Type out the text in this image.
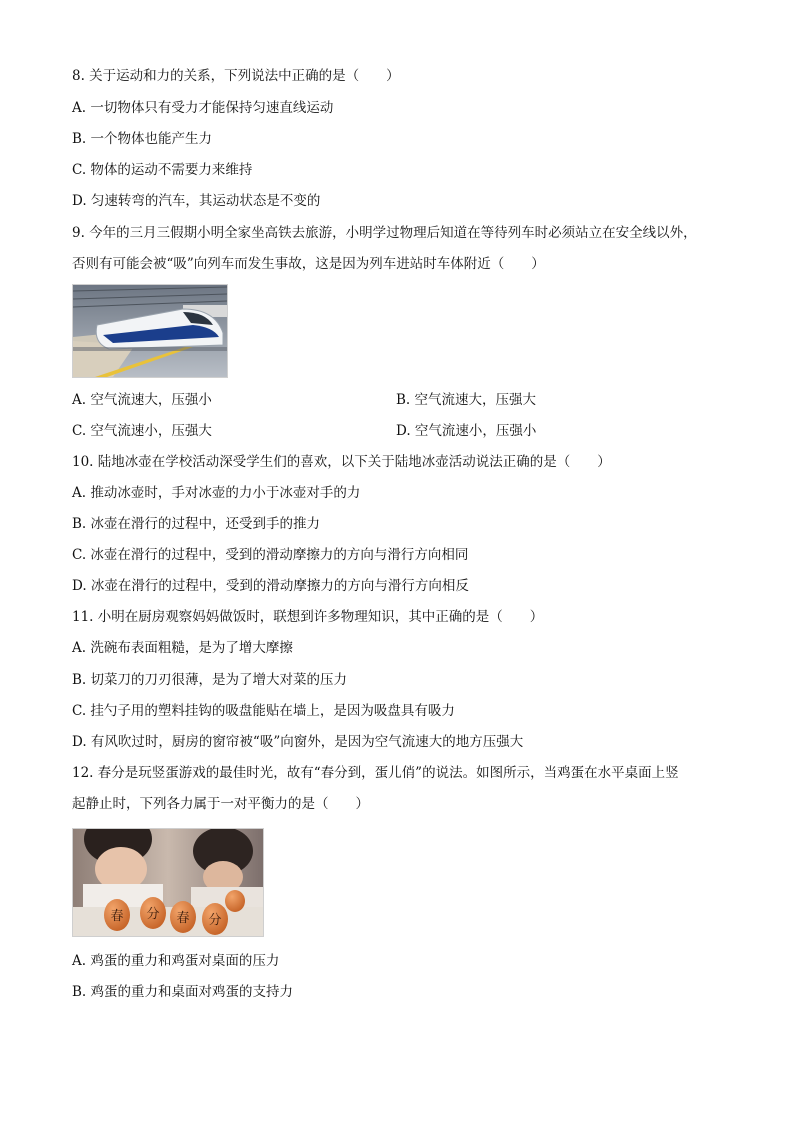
8. 关于运动和力的关系，下列说法中正确的是（　　）
A. 一切物体只有受力才能保持匀速直线运动
B. 一个物体也能产生力
C. 物体的运动不需要力来维持
D. 匀速转弯的汽车，其运动状态是不变的
9. 今年的三月三假期小明全家坐高铁去旅游，小明学过物理后知道在等待列车时必须站立在安全线以外，
否则有可能会被“吸”向列车而发生事故，这是因为列车进站时车体附近（　　）
A. 空气流速大，压强小	B. 空气流速大，压强大
C. 空气流速小，压强大	D. 空气流速小，压强小
10. 陆地冰壶在学校活动深受学生们的喜欢，以下关于陆地冰壶活动说法正确的是（　　）
A. 推动冰壶时，手对冰壶的力小于冰壶对手的力
B. 冰壶在滑行的过程中，还受到手的推力
C. 冰壶在滑行的过程中，受到的滑动摩擦力的方向与滑行方向相同
D. 冰壶在滑行的过程中，受到的滑动摩擦力的方向与滑行方向相反
11. 小明在厨房观察妈妈做饭时，联想到许多物理知识，其中正确的是（　　）
A. 洗碗布表面粗糙，是为了增大摩擦
B. 切菜刀的刀刃很薄，是为了增大对菜的压力
C. 挂勺子用的塑料挂钩的吸盘能贴在墙上，是因为吸盘具有吸力
D. 有风吹过时，厨房的窗帘被“吸”向窗外，是因为空气流速大的地方压强大
12. 春分是玩竖蛋游戏的最佳时光，故有“春分到，蛋儿俏”的说法。如图所示，当鸡蛋在水平桌面上竖
起静止时，下列各力属于一对平衡力的是（　　）
春 分 春 分
A. 鸡蛋的重力和鸡蛋对桌面的压力
B. 鸡蛋的重力和桌面对鸡蛋的支持力
